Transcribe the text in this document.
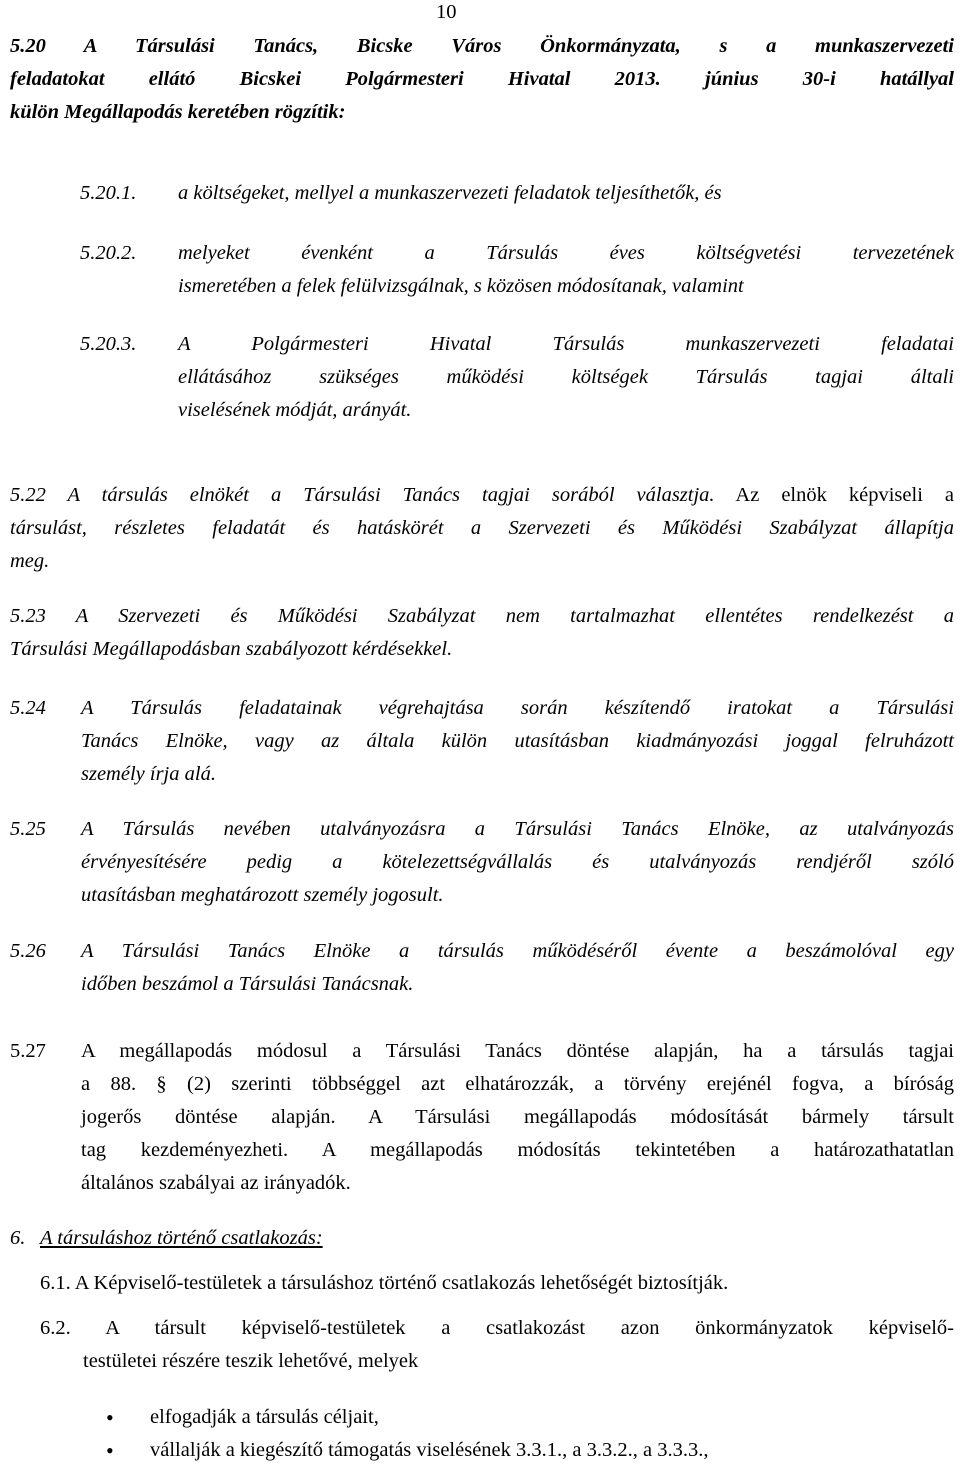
10
5.20 A Társulási Tanács, Bicske Város Önkormányzata, s a munkaszervezeti
feladatokat ellátó Bicskei Polgármesteri Hivatal 2013. június 30-i hatállyal
külön Megállapodás keretében rögzítik:
5.20.1. a költségeket, mellyel a munkaszervezeti feladatok teljesíthetők, és
5.20.2. melyeket évenként a Társulás éves költségvetési tervezetének
ismeretében a felek felülvizsgálnak, s közösen módosítanak, valamint
5.20.3. A Polgármesteri Hivatal Társulás munkaszervezeti feladatai
ellátásához szükséges működési költségek Társulás tagjai általi
viselésének módját, arányát.
5.22 A társulás elnökét a Társulási Tanács tagjai sorából választja. Az elnök képviseli a
társulást, részletes feladatát és hatáskörét a Szervezeti és Működési Szabályzat állapítja
meg.
5.23 A Szervezeti és Működési Szabályzat nem tartalmazhat ellentétes rendelkezést a
Társulási Megállapodásban szabályozott kérdésekkel.
5.24 A Társulás feladatainak végrehajtása során készítendő iratokat a Társulási
Tanács Elnöke, vagy az általa külön utasításban kiadmányozási joggal felruházott
személy írja alá.
5.25 A Társulás nevében utalványozásra a Társulási Tanács Elnöke, az utalványozás
érvényesítésére pedig a kötelezettségvállalás és utalványozás rendjéről szóló
utasításban meghatározott személy jogosult.
5.26 A Társulási Tanács Elnöke a társulás működéséről évente a beszámolóval egy
időben beszámol a Társulási Tanácsnak.
5.27 A megállapodás módosul a Társulási Tanács döntése alapján, ha a társulás tagjai
a 88. § (2) szerinti többséggel azt elhatározzák, a törvény erejénél fogva, a bíróság
jogerős döntése alapján. A Társulási megállapodás módosítását bármely társult
tag kezdeményezheti. A megállapodás módosítás tekintetében a határozathatatlan
általános szabályai az irányadók.
6. A társuláshoz történő csatlakozás:
6.1. A Képviselő-testületek a társuláshoz történő csatlakozás lehetőségét biztosítják.
6.2. A társult képviselő-testületek a csatlakozást azon önkormányzatok képviselő-
testületei részére teszik lehetővé, melyek
• elfogadják a társulás céljait,
• vállalják a kiegészítő támogatás viselésének 3.3.1., a 3.3.2., a 3.3.3.,
